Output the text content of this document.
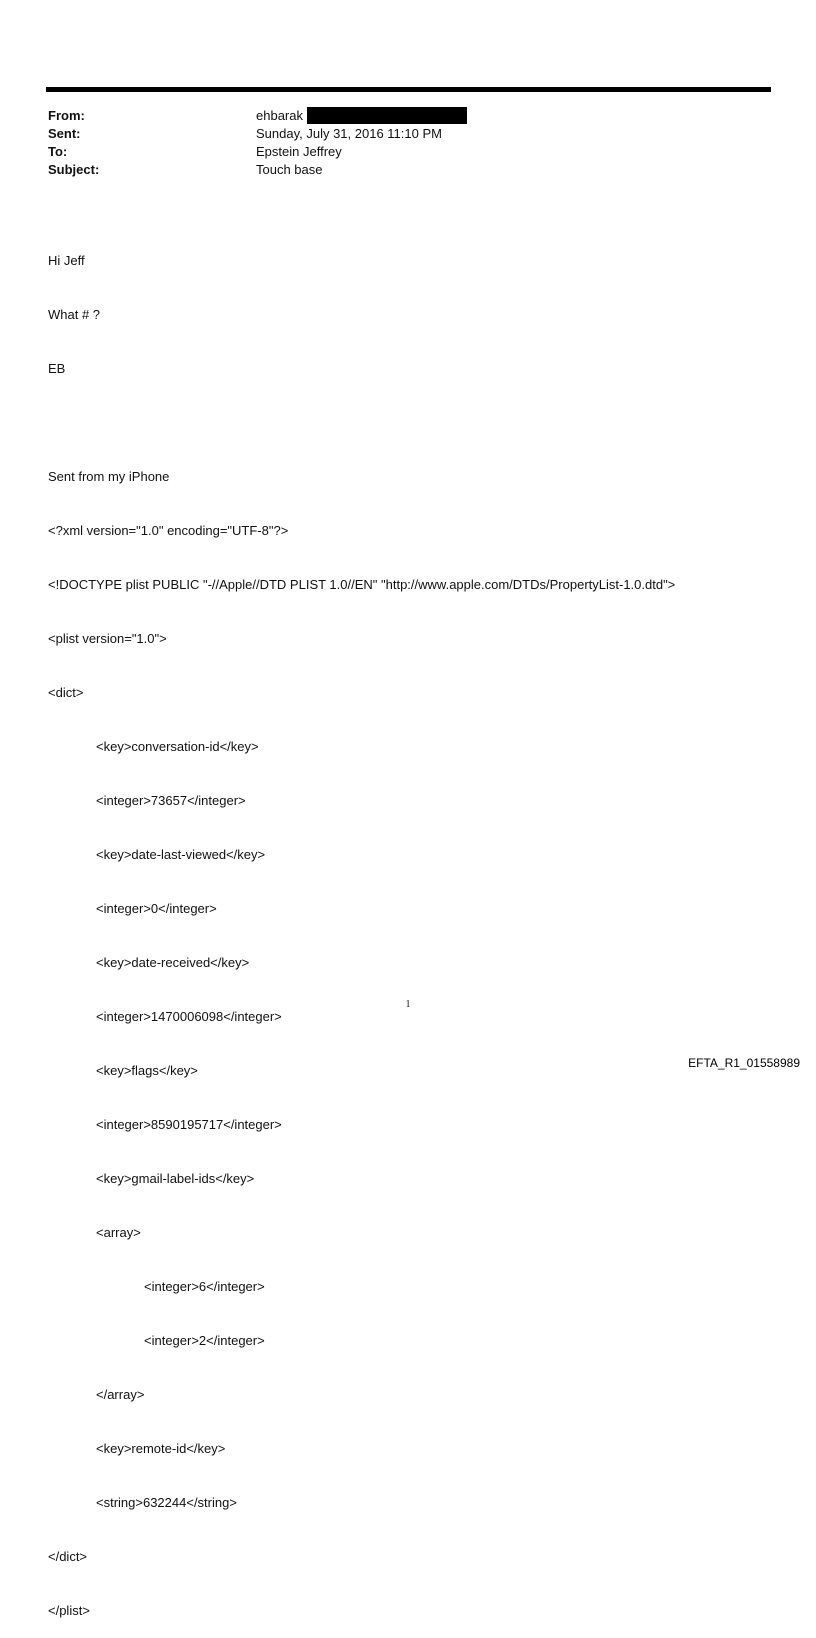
From:	ehbarak
Sent:	Sunday, July 31, 2016 11:10 PM
To:	Epstein Jeffrey
Subject:	Touch base

Hi Jeff

What # ?

EB

Sent from my iPhone

<?xml version="1.0" encoding="UTF-8"?>

<!DOCTYPE plist PUBLIC "-//Apple//DTD PLIST 1.0//EN" "http://www.apple.com/DTDs/PropertyList-1.0.dtd">

<plist version="1.0">

<dict>

<key>conversation-id</key>

<integer>73657</integer>

<key>date-last-viewed</key>

<integer>0</integer>

<key>date-received</key>

<integer>1470006098</integer>

<key>flags</key>

<integer>8590195717</integer>

<key>gmail-label-ids</key>

<array>

<integer>6</integer>

<integer>2</integer>

</array>

<key>remote-id</key>

<string>632244</string>

</dict>

</plist>

1
EFTA_R1_01558989
